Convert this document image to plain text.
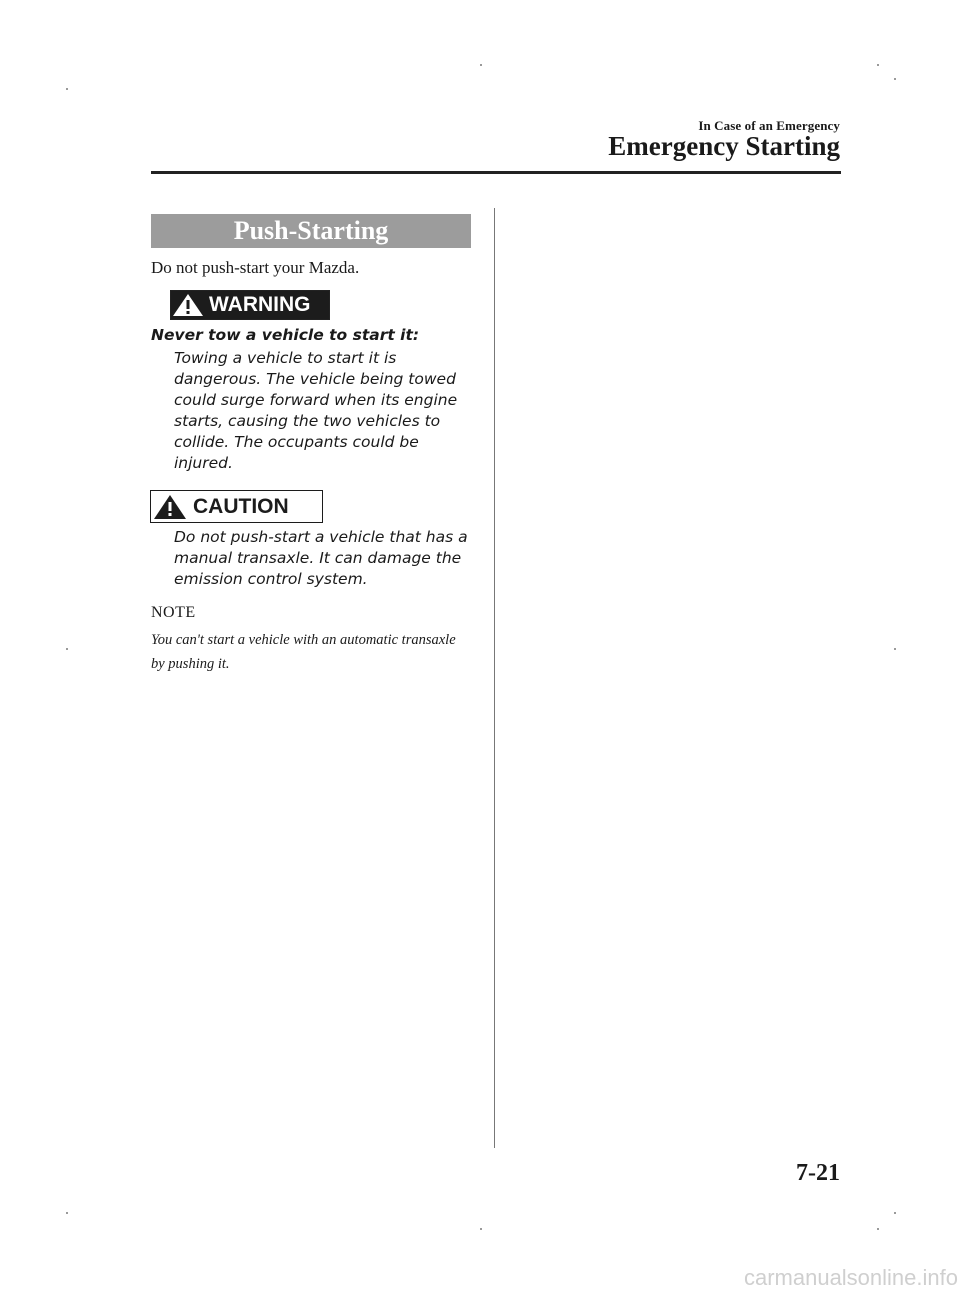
In Case of an Emergency
Emergency Starting
Push-Starting
Do not push-start your Mazda.
WARNING
Never tow a vehicle to start it:
Towing a vehicle to start it is dangerous. The vehicle being towed could surge forward when its engine starts, causing the two vehicles to collide. The occupants could be injured.
CAUTION
Do not push-start a vehicle that has a manual transaxle. It can damage the emission control system.
NOTE
You can't start a vehicle with an automatic transaxle by pushing it.
7-21
carmanualsonline.info
